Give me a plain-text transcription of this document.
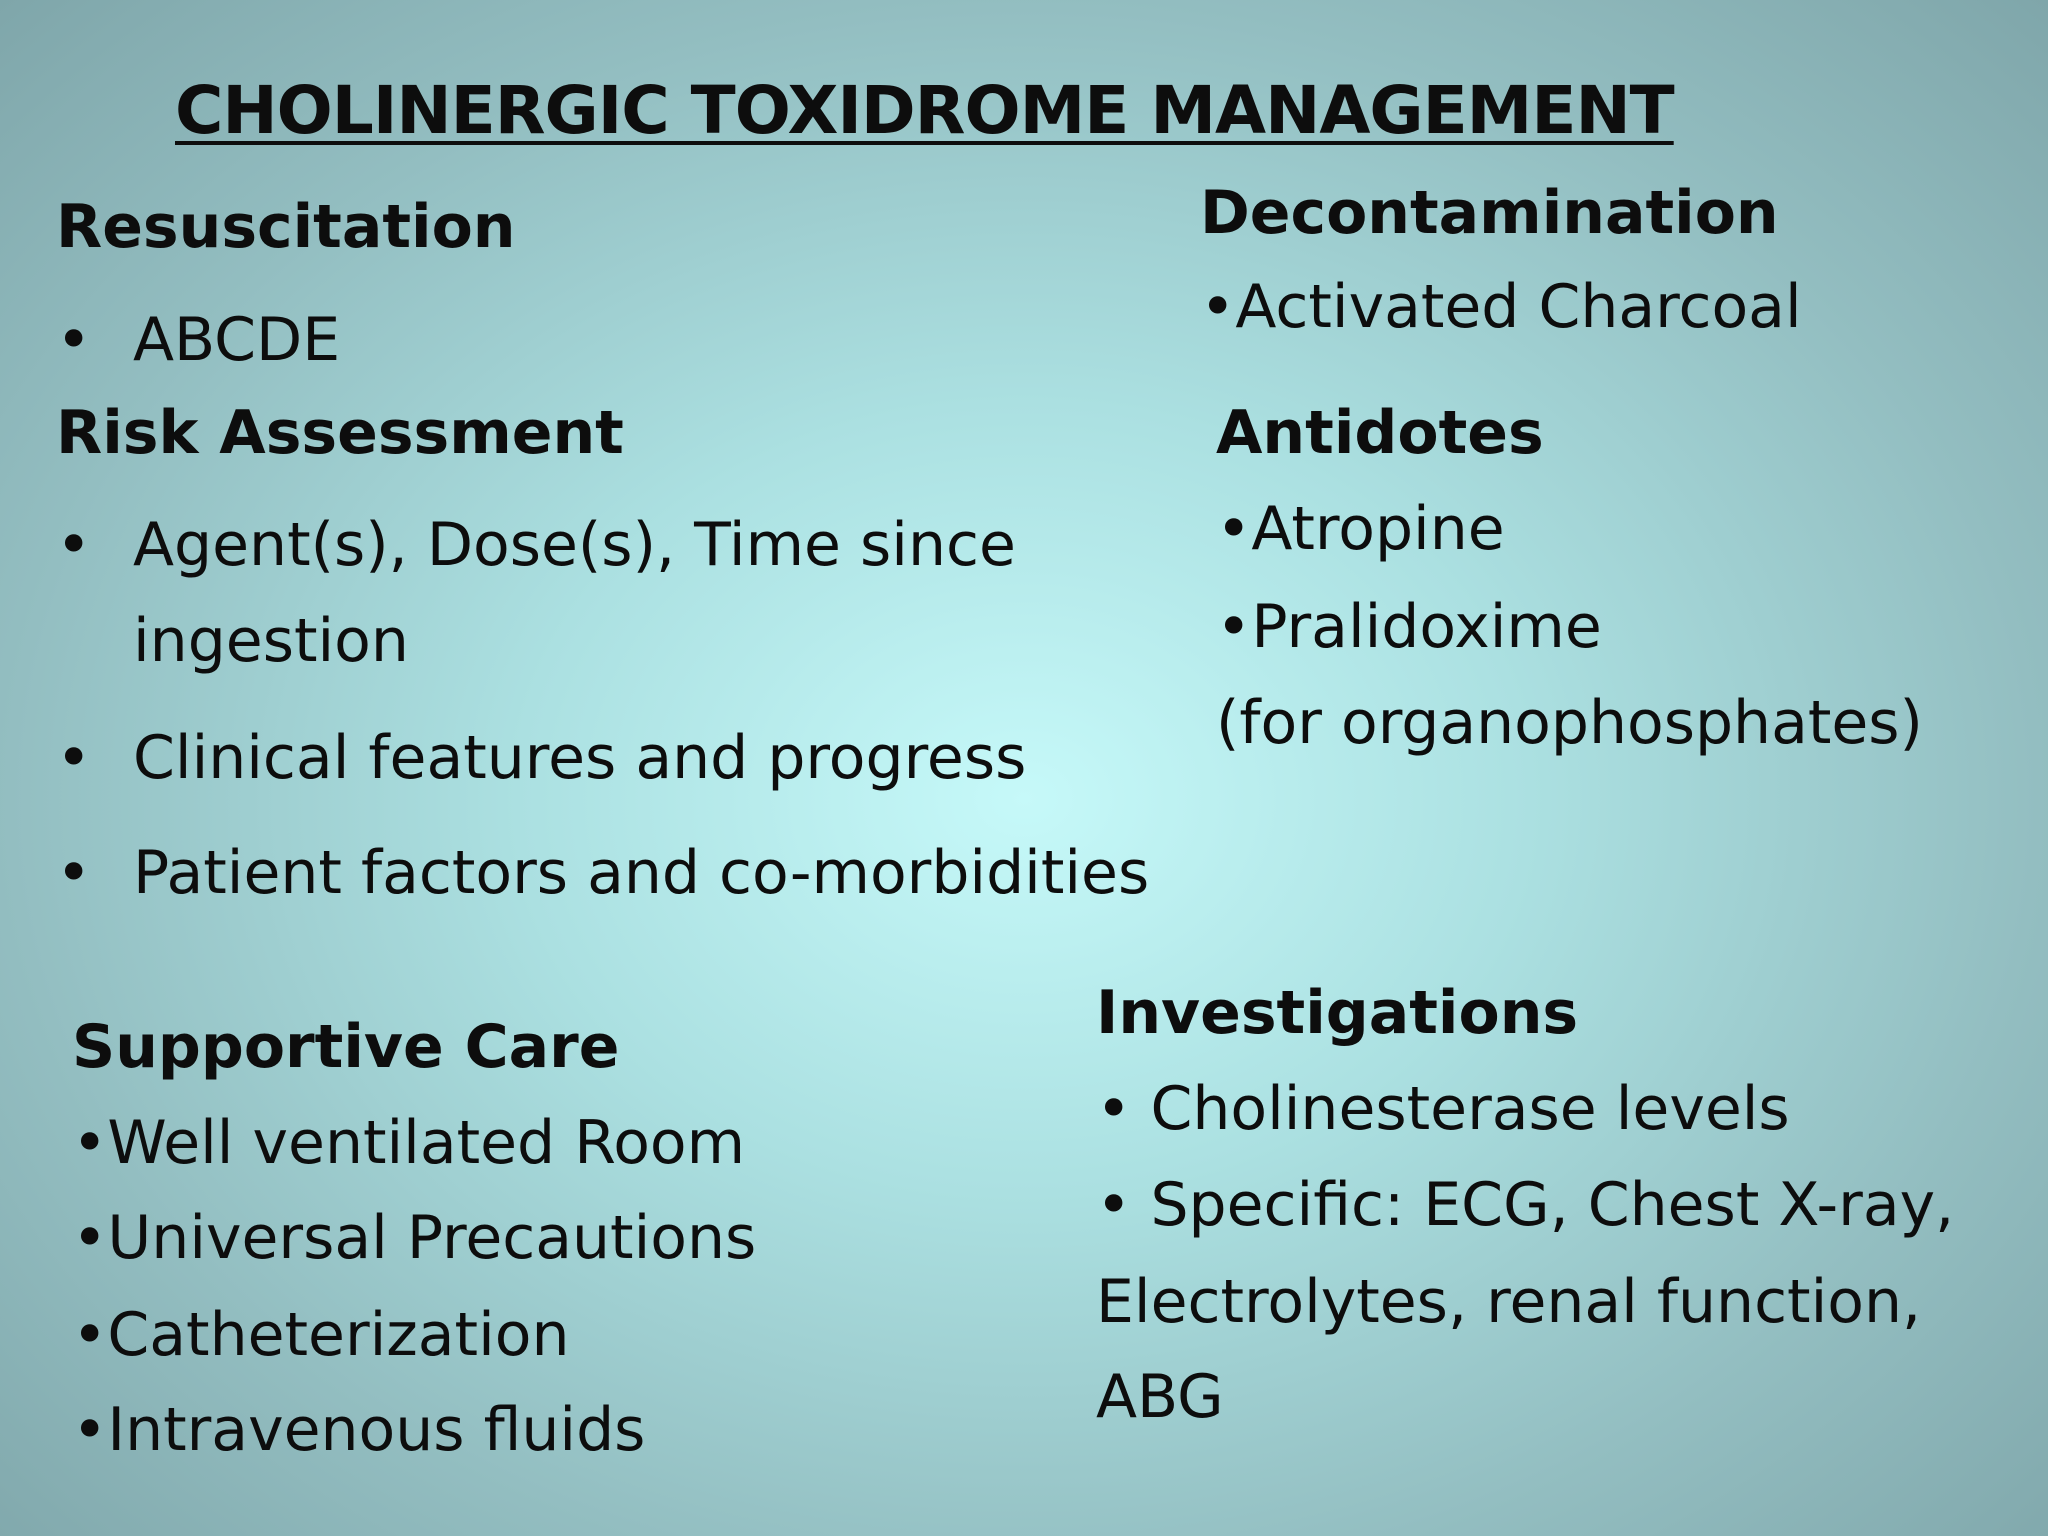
CHOLINERGIC TOXIDROME MANAGEMENT
Resuscitation
• ABCDE
Risk Assessment
• Agent(s), Dose(s), Time since
ingestion
• Clinical features and progress
• Patient factors and co-morbidities
Decontamination
•Activated Charcoal
Antidotes
•Atropine
•Pralidoxime
(for organophosphates)
Supportive Care
•Well ventilated Room
•Universal Precautions
•Catheterization
•Intravenous fluids
Investigations
• Cholinesterase levels
• Specific: ECG, Chest X-ray,
Electrolytes, renal function,
ABG
